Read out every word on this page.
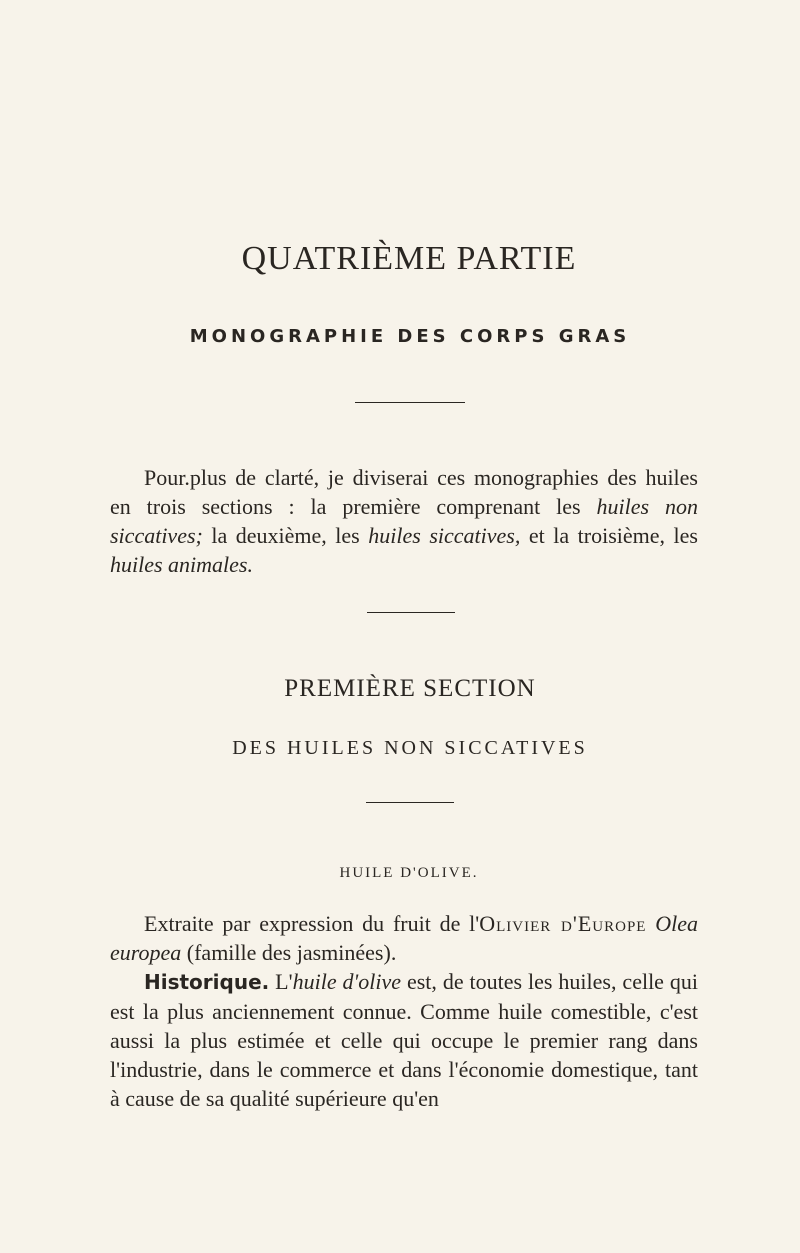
QUATRIÈME PARTIE
MONOGRAPHIE DES CORPS GRAS

Pour.plus de clarté, je diviserai ces monographies des huiles en trois sections : la première comprenant les huiles non siccatives; la deuxième, les huiles siccatives, et la troisième, les huiles animales.

PREMIÈRE SECTION
DES HUILES NON SICCATIVES
HUILE D'OLIVE.

Extraite par expression du fruit de l'Olivier d'Europe Olea europea (famille des jasminées).

Historique. L'huile d'olive est, de toutes les huiles, celle qui est la plus anciennement connue. Comme huile comestible, c'est aussi la plus estimée et celle qui occupe le premier rang dans l'industrie, dans le commerce et dans l'économie domestique, tant à cause de sa qualité supérieure qu'en
